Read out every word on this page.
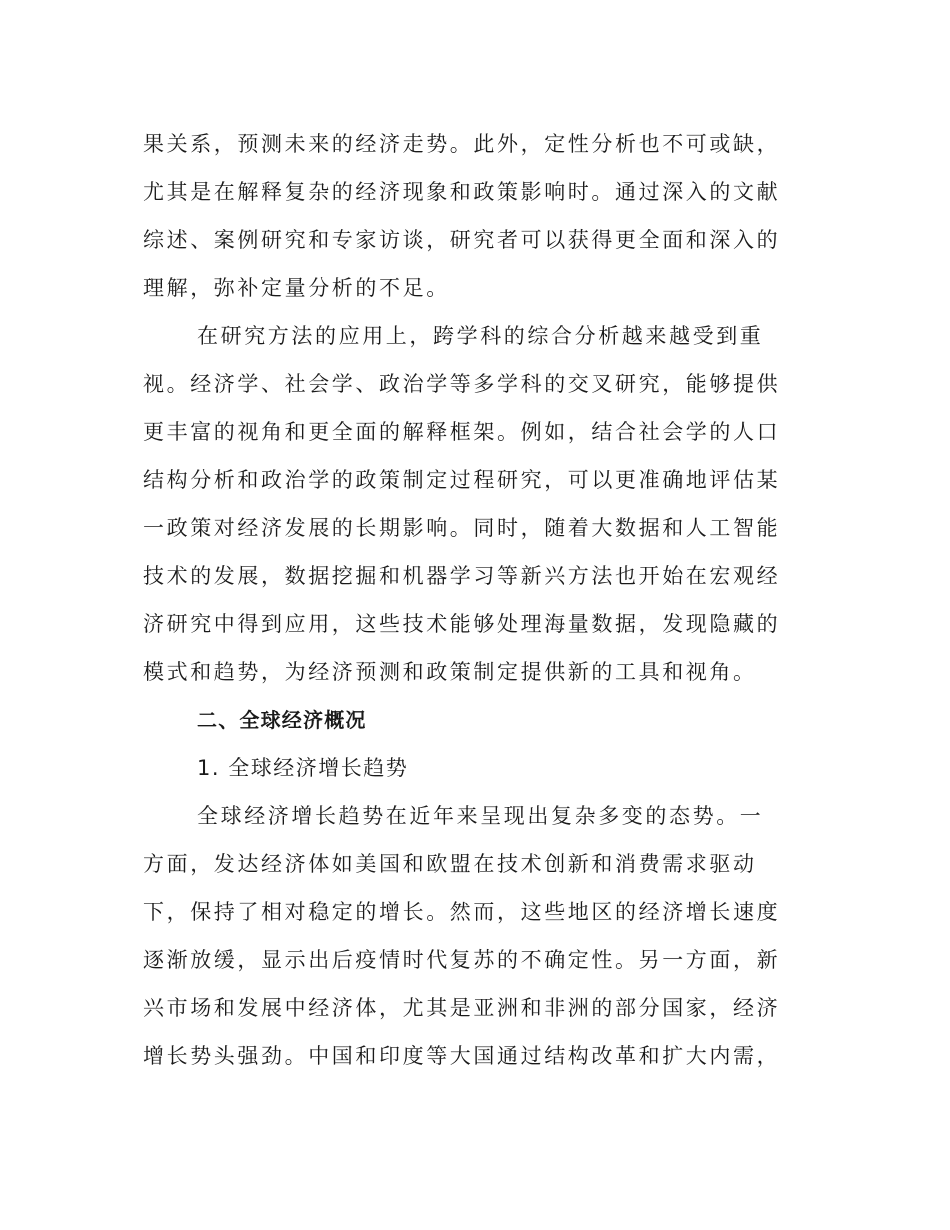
果关系，预测未来的经济走势。此外，定性分析也不可或缺，
尤其是在解释复杂的经济现象和政策影响时。通过深入的文献
综述、案例研究和专家访谈，研究者可以获得更全面和深入的
理解，弥补定量分析的不足。
在研究方法的应用上，跨学科的综合分析越来越受到重
视。经济学、社会学、政治学等多学科的交叉研究，能够提供
更丰富的视角和更全面的解释框架。例如，结合社会学的人口
结构分析和政治学的政策制定过程研究，可以更准确地评估某
一政策对经济发展的长期影响。同时，随着大数据和人工智能
技术的发展，数据挖掘和机器学习等新兴方法也开始在宏观经
济研究中得到应用，这些技术能够处理海量数据，发现隐藏的
模式和趋势，为经济预测和政策制定提供新的工具和视角。
二、全球经济概况
1. 全球经济增长趋势
全球经济增长趋势在近年来呈现出复杂多变的态势。一
方面，发达经济体如美国和欧盟在技术创新和消费需求驱动
下，保持了相对稳定的增长。然而，这些地区的经济增长速度
逐渐放缓，显示出后疫情时代复苏的不确定性。另一方面，新
兴市场和发展中经济体，尤其是亚洲和非洲的部分国家，经济
增长势头强劲。中国和印度等大国通过结构改革和扩大内需，
